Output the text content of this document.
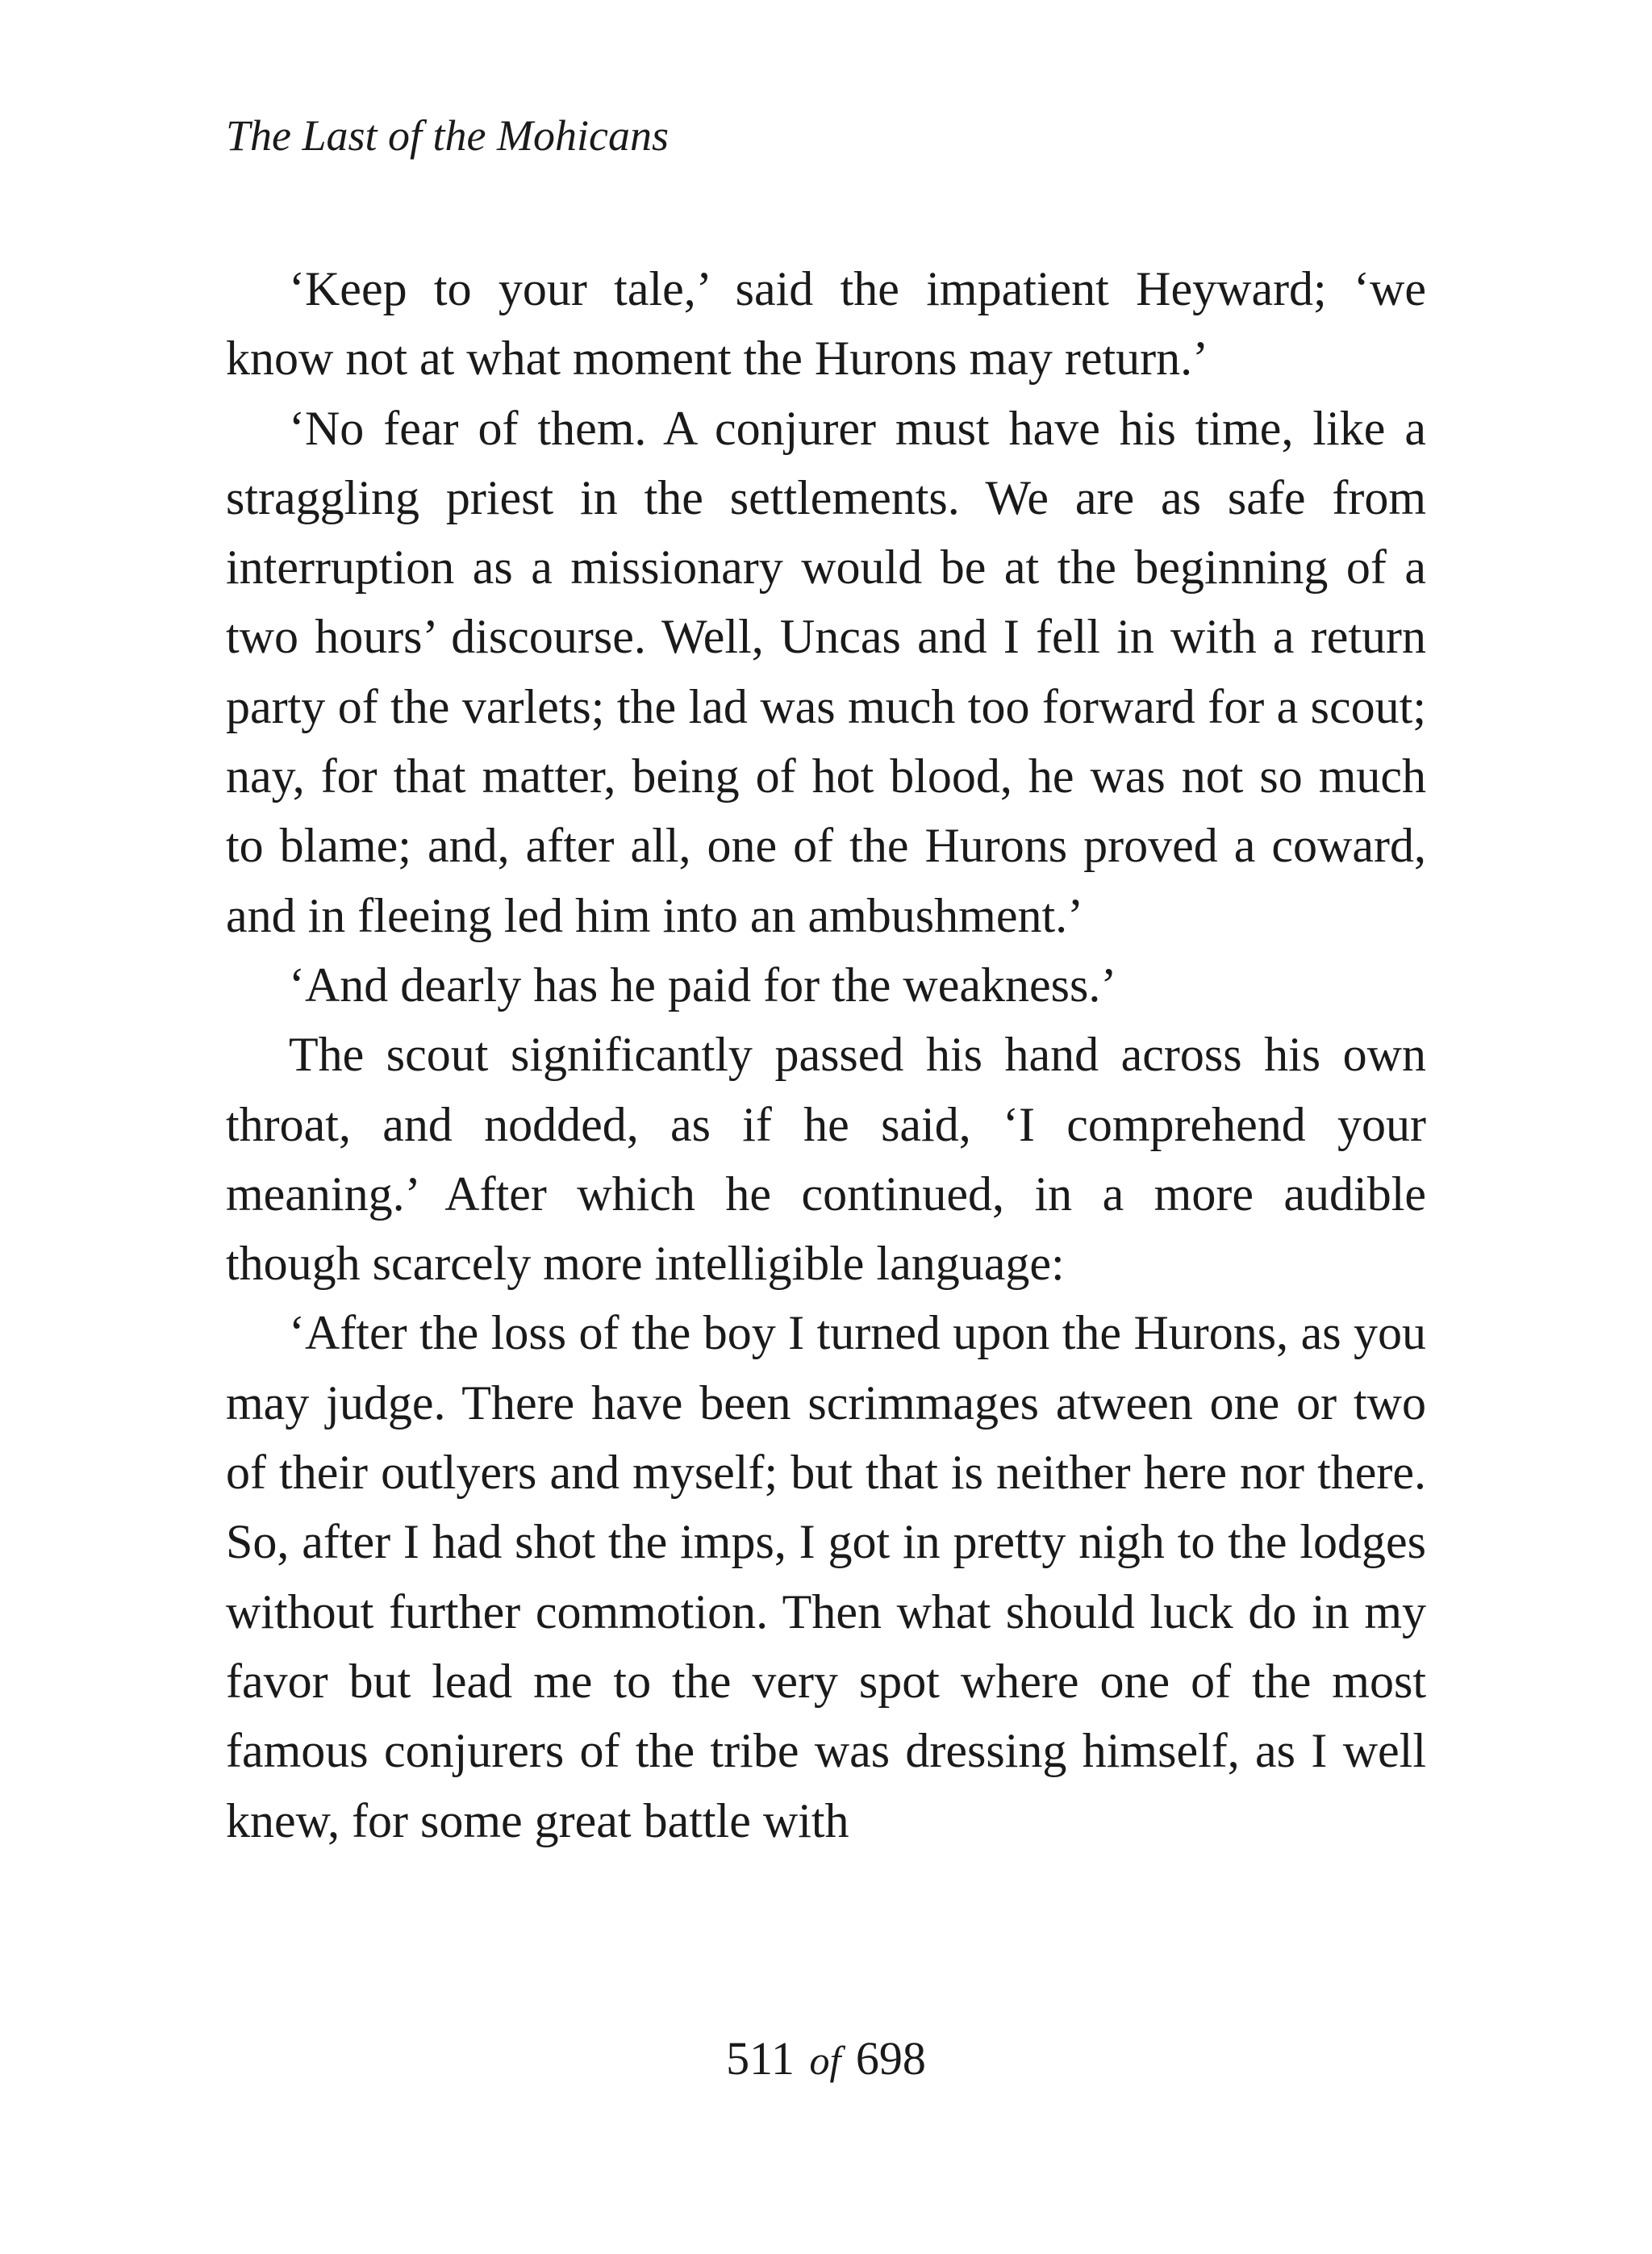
The Last of the Mohicans

‘Keep to your tale,’ said the impatient Heyward; ‘we know not at what moment the Hurons may return.’

‘No fear of them. A conjurer must have his time, like a straggling priest in the settlements. We are as safe from interruption as a missionary would be at the beginning of a two hours’ discourse. Well, Uncas and I fell in with a return party of the varlets; the lad was much too forward for a scout; nay, for that matter, being of hot blood, he was not so much to blame; and, after all, one of the Hurons proved a coward, and in fleeing led him into an ambushment.’

‘And dearly has he paid for the weakness.’

The scout significantly passed his hand across his own throat, and nodded, as if he said, ‘I comprehend your meaning.’ After which he continued, in a more audible though scarcely more intelligible language:

‘After the loss of the boy I turned upon the Hurons, as you may judge. There have been scrimmages atween one or two of their outlyers and myself; but that is neither here nor there. So, after I had shot the imps, I got in pretty nigh to the lodges without further commotion. Then what should luck do in my favor but lead me to the very spot where one of the most famous conjurers of the tribe was dressing himself, as I well knew, for some great battle with

511 of 698
